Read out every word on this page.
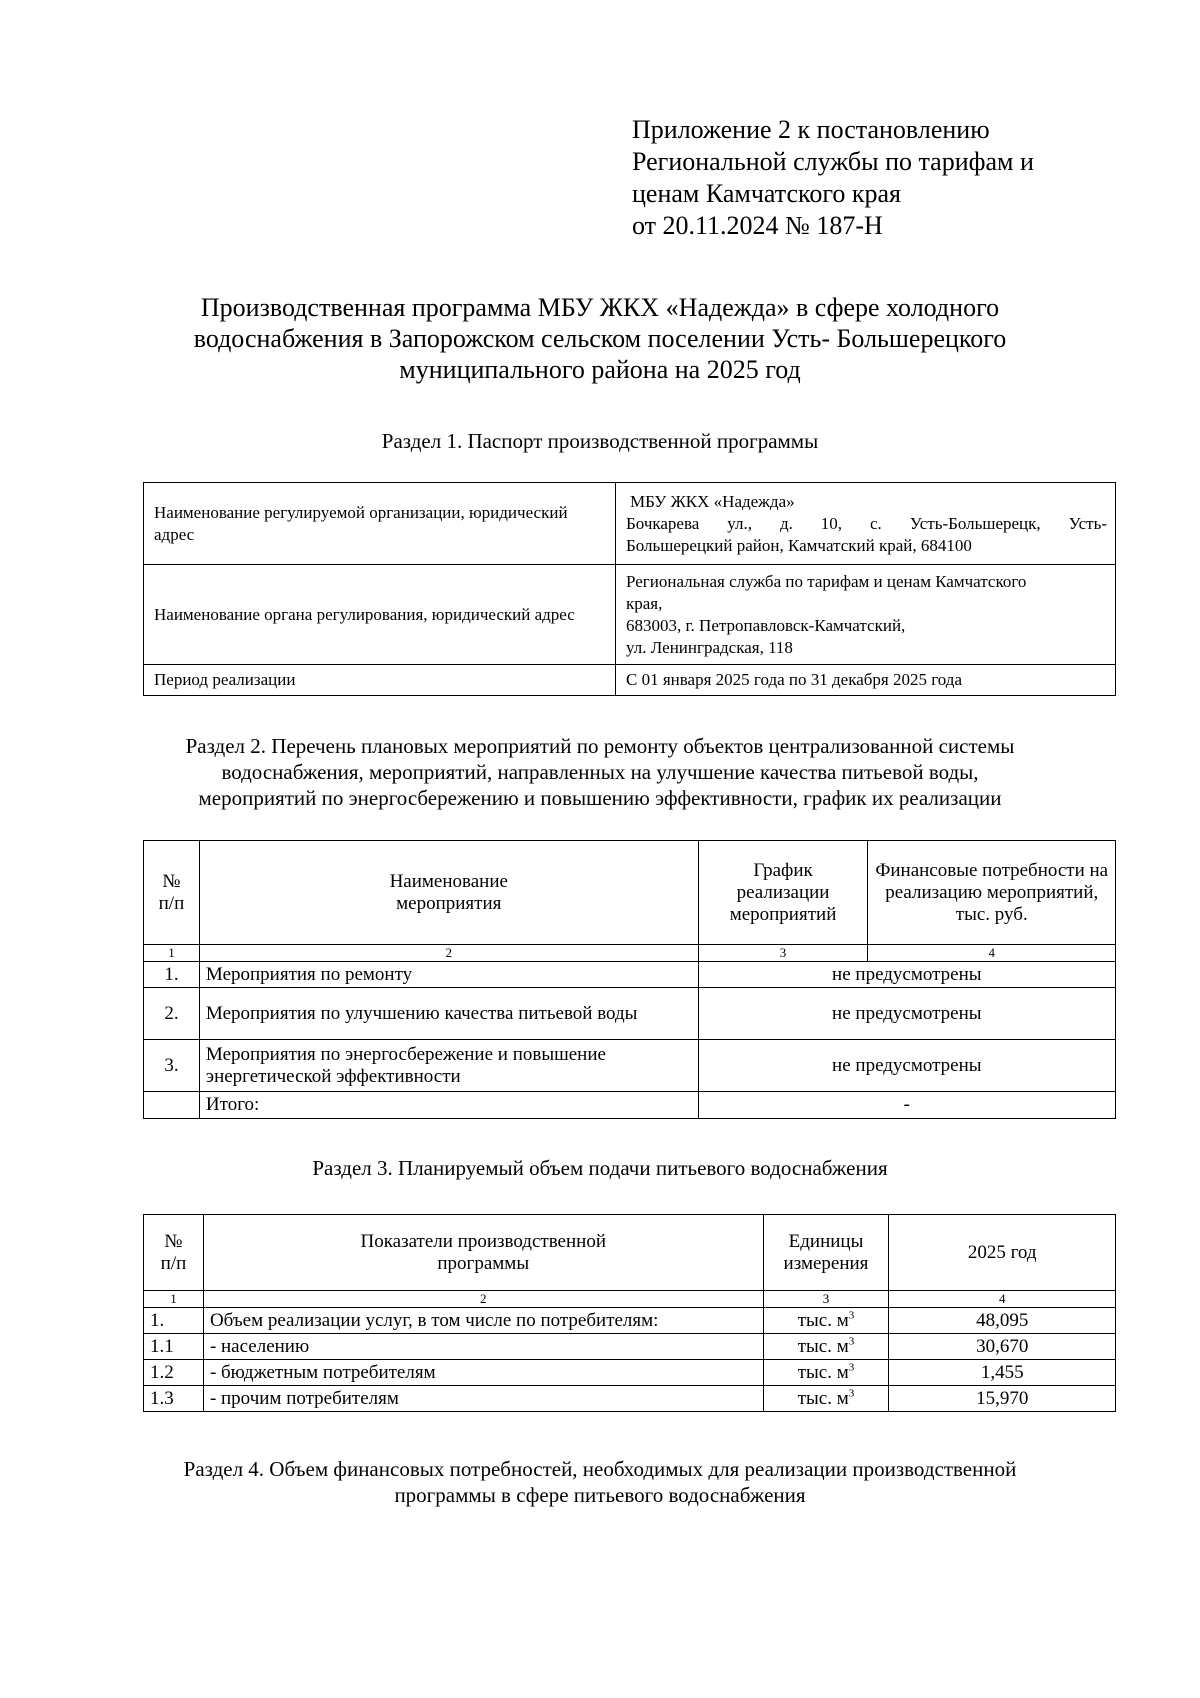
Приложение 2 к постановлению
Региональной службы по тарифам и
ценам Камчатского края
от 20.11.2024 № 187-Н
Производственная программа МБУ ЖКХ «Надежда» в сфере холодного
водоснабжения в Запорожском сельском поселении Усть- Большерецкого
муниципального района на 2025 год
Раздел 1. Паспорт производственной программы
Наименование регулируемой организации, юридический адрес	МБУ ЖКХ «Надежда»
Бочкарева ул., д. 10, с. Усть-Большерецк, Усть-
Большерецкий район, Камчатский край, 684100

Наименование органа регулирования, юридический адрес	Региональная служба по тарифам и ценам Камчатского
края,
683003, г. Петропавловск-Камчатский,
ул. Ленинградская, 118

Период реализации	С 01 января 2025 года по 31 декабря 2025 года
Раздел 2. Перечень плановых мероприятий по ремонту объектов централизованной системы
водоснабжения, мероприятий, направленных на улучшение качества питьевой воды,
мероприятий по энергосбережению и повышению эффективности, график их реализации
№ п/п	Наименование мероприятия	График реализации мероприятий	Финансовые потребности на реализацию мероприятий, тыс. руб.
1	2	3	4
1.	Мероприятия по ремонту	не предусмотрены	
2.	Мероприятия по улучшению качества питьевой воды	не предусмотрены	
3.	Мероприятия по энергосбережение и повышение энергетической эффективности	не предусмотрены	
	Итого:	-	
Раздел 3. Планируемый объем подачи питьевого водоснабжения
№ п/п	Показатели производственной программы	Единицы измерения	2025 год
1	2	3	4
1.	Объем реализации услуг, в том числе по потребителям:	тыс. $м^3$	48,095
1.1	- населению	тыс. $м^3$	30,670
1.2	- бюджетным потребителям	тыс. $м^3$	1,455
1.3	- прочим потребителям	тыс. $м^3$	15,970
Раздел 4. Объем финансовых потребностей, необходимых для реализации производственной
программы в сфере питьевого водоснабжения
